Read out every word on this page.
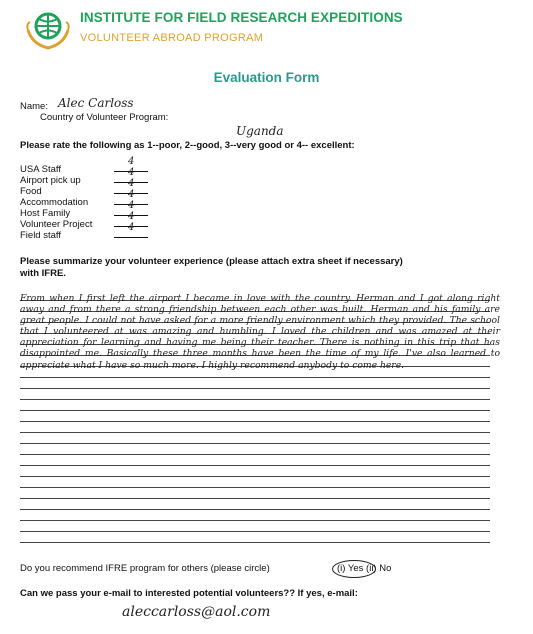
INSTITUTE FOR FIELD RESEARCH EXPEDITIONS
VOLUNTEER ABROAD PROGRAM
Evaluation Form
Name: Alec Carloss
Country of Volunteer Program:
Uganda
Please rate the following as 1--poor, 2--good, 3--very good or 4-- excellent:
USA Staff
4
Airport pick up
4
Food
4
Accommodation
4
Host Family
4
Volunteer Project
4
Field staff
4
Please summarize your volunteer experience (please attach extra sheet if necessary)
with IFRE.
From when I first left the airport I became in love with the country. Herman and I got along right away and from there a strong friendship between each other was built. Herman and his family are great people. I could not have asked for a more friendly environment which they provided. The school that I volunteered at was amazing and humbling. I loved the children and was amazed at their appreciation for learning and having me being their teacher. There is nothing in this trip that has disappointed me. Basically these three months have been the time of my life. I've also learned to appreciate what I have so much more. I highly recommend anybody to come here.
Do you recommend IFRE program for others (please circle)	(i) Yes (ii) No
Can we pass your e-mail to interested potential volunteers?? If yes, e-mail:
aleccarloss@aol.com
